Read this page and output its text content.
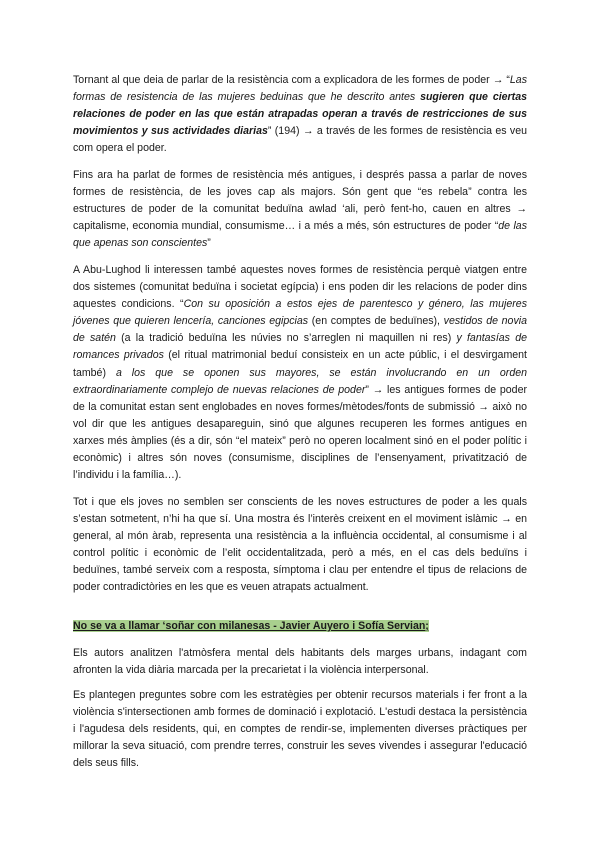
Tornant al que deia de parlar de la resistència com a explicadora de les formes de poder → “Las formas de resistencia de las mujeres beduinas que he descrito antes sugieren que ciertas relaciones de poder en las que están atrapadas operan a través de restricciones de sus movimientos y sus actividades diarias” (194) → a través de les formes de resistència es veu com opera el poder.

Fins ara ha parlat de formes de resistència més antigues, i després passa a parlar de noves formes de resistència, de les joves cap als majors. Són gent que “es rebela” contra les estructures de poder de la comunitat beduïna awlad ‘ali, però fent-ho, cauen en altres → capitalisme, economia mundial, consumisme… i a més a més, són estructures de poder “de las que apenas son conscientes”

A Abu-Lughod li interessen també aquestes noves formes de resistència perquè viatgen entre dos sistemes (comunitat beduïna i societat egípcia) i ens poden dir les relacions de poder dins aquestes condicions. “Con su oposición a estos ejes de parentesco y género, las mujeres jóvenes que quieren lencería, canciones egipcias (en comptes de beduïnes), vestidos de novia de satén (a la tradició beduïna les núvies no s’arreglen ni maquillen ni res) y fantasías de romances privados (el ritual matrimonial beduí consisteix en un acte públic, i el desvirgament també) a los que se oponen sus mayores, se están involucrando en un orden extraordinariamente complejo de nuevas relaciones de poder” → les antigues formes de poder de la comunitat estan sent englobades en noves formes/mètodes/fonts de submissió → això no vol dir que les antigues desapareguin, sinó que algunes recuperen les formes antigues en xarxes més àmplies (és a dir, són “el mateix” però no operen localment sinó en el poder polític i econòmic) i altres són noves (consumisme, disciplines de l’ensenyament, privatització de l’individu i la família…).

Tot i que els joves no semblen ser conscients de les noves estructures de poder a les quals s’estan sotmetent, n’hi ha que sí. Una mostra és l’interès creixent en el moviment islàmic → en general, al món àrab, representa una resistència a la influència occidental, al consumisme i al control polític i econòmic de l’elit occidentalitzada, però a més, en el cas dels beduïns i beduïnes, també serveix com a resposta, símptoma i clau per entendre el tipus de relacions de poder contradictòries en les que es veuen atrapats actualment.

No se va a llamar ‘soñar con milanesas - Javier Auyero i Sofía Servian;

Els autors analitzen l'atmòsfera mental dels habitants dels marges urbans, indagant com afronten la vida diària marcada per la precarietat i la violència interpersonal.

Es plantegen preguntes sobre com les estratègies per obtenir recursos materials i fer front a la violència s'intersectionen amb formes de dominació i explotació. L'estudi destaca la persistència i l'agudesa dels residents, qui, en comptes de rendir-se, implementen diverses pràctiques per millorar la seva situació, com prendre terres, construir les seves vivendes i assegurar l'educació dels seus fills.
